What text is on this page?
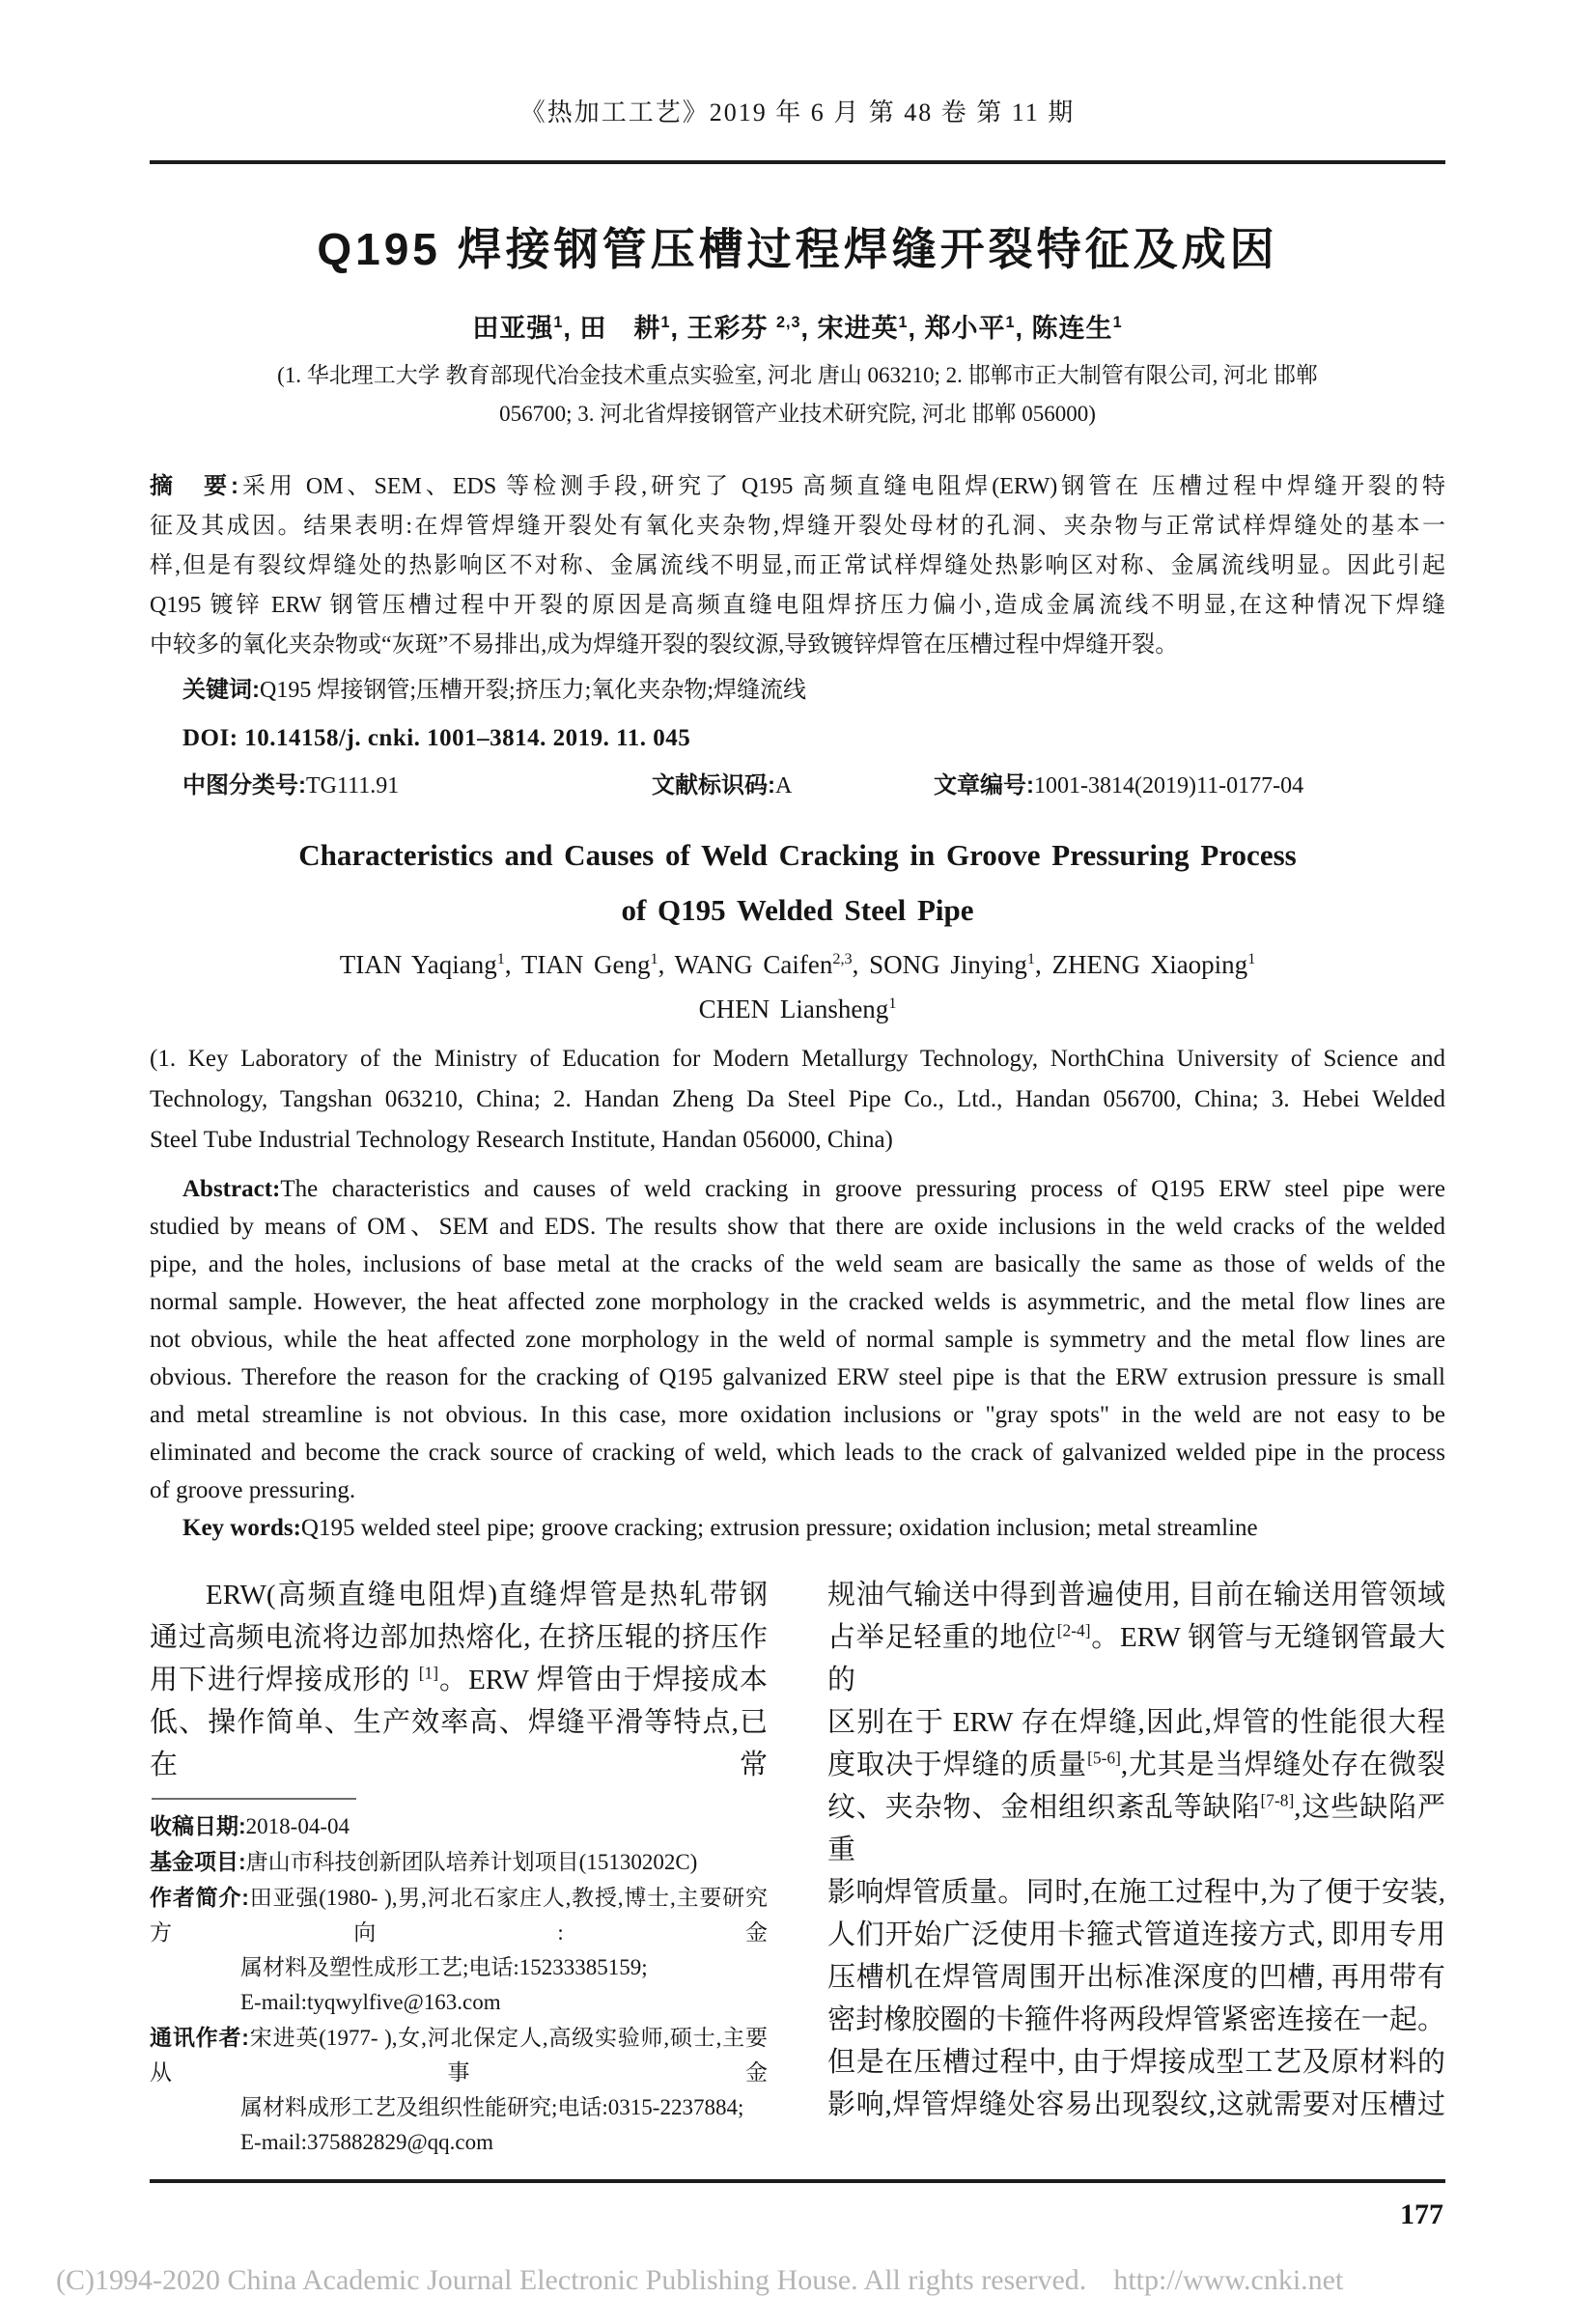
《热加工工艺》2019 年 6 月 第 48 卷 第 11 期
Q195 焊接钢管压槽过程焊缝开裂特征及成因
田亚强$^1$, 田　耕$^1$, 王彩芬 $^{2,3}$, 宋进英$^1$, 郑小平$^1$, 陈连生$^1$
(1. 华北理工大学 教育部现代冶金技术重点实验室, 河北 唐山 063210; 2. 邯郸市正大制管有限公司, 河北 邯郸
056700; 3. 河北省焊接钢管产业技术研究院, 河北 邯郸 056000)
摘　要:采用 OM、SEM、EDS 等检测手段,研究了 Q195 高频直缝电阻焊(ERW)钢管在 压槽过程中焊缝开裂的特
征及其成因。结果表明:在焊管焊缝开裂处有氧化夹杂物,焊缝开裂处母材的孔洞、夹杂物与正常试样焊缝处的基本一
样,但是有裂纹焊缝处的热影响区不对称、金属流线不明显,而正常试样焊缝处热影响区对称、金属流线明显。因此引起
Q195 镀锌 ERW 钢管压槽过程中开裂的原因是高频直缝电阻焊挤压力偏小,造成金属流线不明显,在这种情况下焊缝
中较多的氧化夹杂物或“灰斑”不易排出,成为焊缝开裂的裂纹源,导致镀锌焊管在压槽过程中焊缝开裂。
关键词:Q195 焊接钢管;压槽开裂;挤压力;氧化夹杂物;焊缝流线
DOI: 10.14158/j. cnki. 1001–3814. 2019. 11. 045
中图分类号:TG111.91	文献标识码:A	文章编号:1001-3814(2019)11-0177-04
Characteristics and Causes of Weld Cracking in Groove Pressuring Process
of Q195 Welded Steel Pipe
TIAN Yaqiang$^1$, TIAN Geng$^1$, WANG Caifen$^{2,3}$, SONG Jinying$^1$, ZHENG Xiaoping$^1$
CHEN Liansheng$^1$
(1. Key Laboratory of the Ministry of Education for Modern Metallurgy Technology, NorthChina University of Science and
Technology, Tangshan 063210, China; 2. Handan Zheng Da Steel Pipe Co., Ltd., Handan 056700, China; 3. Hebei Welded
Steel Tube Industrial Technology Research Institute, Handan 056000, China)
Abstract:The characteristics and causes of weld cracking in groove pressuring process of Q195 ERW steel pipe were
studied by means of OM、SEM and EDS. The results show that there are oxide inclusions in the weld cracks of the welded
pipe, and the holes, inclusions of base metal at the cracks of the weld seam are basically the same as those of welds of the
normal sample. However, the heat affected zone morphology in the cracked welds is asymmetric, and the metal flow lines are
not obvious, while the heat affected zone morphology in the weld of normal sample is symmetry and the metal flow lines are
obvious. Therefore the reason for the cracking of Q195 galvanized ERW steel pipe is that the ERW extrusion pressure is small
and metal streamline is not obvious. In this case, more oxidation inclusions or "gray spots" in the weld are not easy to be
eliminated and become the crack source of cracking of weld, which leads to the crack of galvanized welded pipe in the process
of groove pressuring.
Key words:Q195 welded steel pipe; groove cracking; extrusion pressure; oxidation inclusion; metal streamline
ERW(高频直缝电阻焊)直缝焊管是热轧带钢
通过高频电流将边部加热熔化, 在挤压辊的挤压作
用下进行焊接成形的 [1]。ERW 焊管由于焊接成本
低、操作简单、生产效率高、焊缝平滑等特点,已在常
收稿日期:2018-04-04
基金项目:唐山市科技创新团队培养计划项目(15130202C)
作者简介:田亚强(1980- ),男,河北石家庄人,教授,博士,主要研究方向:金
属材料及塑性成形工艺;电话:15233385159;
E-mail:tyqwylfive@163.com
通讯作者:宋进英(1977- ),女,河北保定人,高级实验师,硕士,主要从事金
属材料成形工艺及组织性能研究;电话:0315-2237884;
E-mail:375882829@qq.com
规油气输送中得到普遍使用, 目前在输送用管领域
占举足轻重的地位[2-4]。ERW 钢管与无缝钢管最大的
区别在于 ERW 存在焊缝,因此,焊管的性能很大程
度取决于焊缝的质量[5-6],尤其是当焊缝处存在微裂
纹、夹杂物、金相组织紊乱等缺陷[7-8],这些缺陷严重
影响焊管质量。同时,在施工过程中,为了便于安装,
人们开始广泛使用卡箍式管道连接方式, 即用专用
压槽机在焊管周围开出标准深度的凹槽, 再用带有
密封橡胶圈的卡箍件将两段焊管紧密连接在一起。
但是在压槽过程中, 由于焊接成型工艺及原材料的
影响,焊管焊缝处容易出现裂纹,这就需要对压槽过
177
(C)1994-2020 China Academic Journal Electronic Publishing House. All rights reserved. http://www.cnki.net
